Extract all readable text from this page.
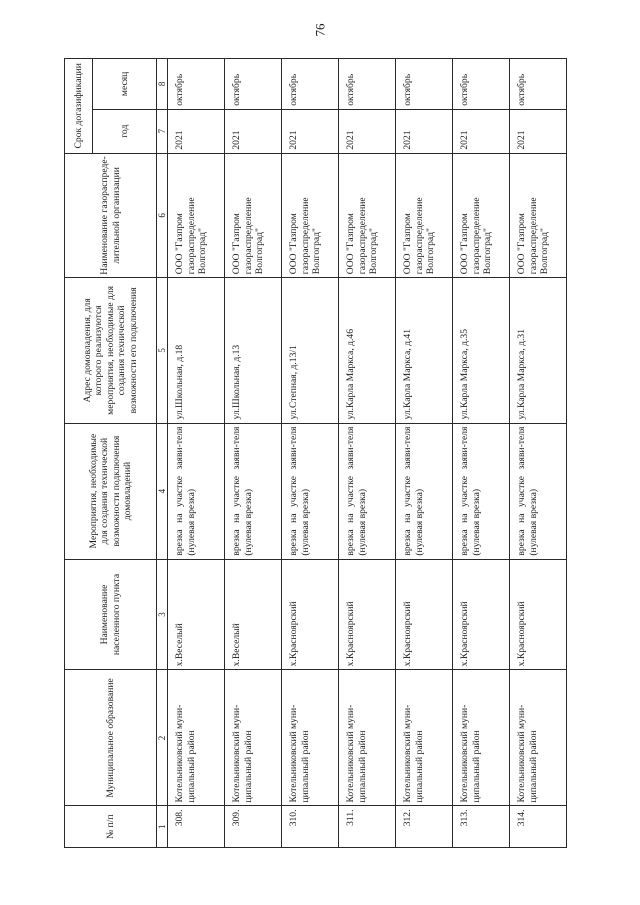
76
№ п/п	Муниципальное образование	Наименование населенного пункта	Мероприятия, необходимые для создания технической возможности подключения домовладений	Адрес домовладения, для которого реализуются мероприятия, необходимые для создания технической возможности его подключения	Наименование газораспреде-лительной организации	Срок догазификации	
						год	месяц
1	2	3	4	5	6	7	8
308.	Котельниковский муни-ципальный район	х.Веселый	врезка на участке заяви-теля (нулевая врезка)	ул.Школьная, д.18	ООО "Газпром газораспределение Волгоград"	2021	октябрь
309.	Котельниковский муни-ципальный район	х.Веселый	врезка на участке заяви-теля (нулевая врезка)	ул.Школьная, д.13	ООО "Газпром газораспределение Волгоград"	2021	октябрь
310.	Котельниковский муни-ципальный район	х.Красноярский	врезка на участке заяви-теля (нулевая врезка)	ул.Степная, д.13/1	ООО "Газпром газораспределение Волгоград"	2021	октябрь
311.	Котельниковский муни-ципальный район	х.Красноярский	врезка на участке заяви-теля (нулевая врезка)	ул.Карла Маркса, д.46	ООО "Газпром газораспределение Волгоград"	2021	октябрь
312.	Котельниковский муни-ципальный район	х.Красноярский	врезка на участке заяви-теля (нулевая врезка)	ул.Карла Маркса, д.41	ООО "Газпром газораспределение Волгоград"	2021	октябрь
313.	Котельниковский муни-ципальный район	х.Красноярский	врезка на участке заяви-теля (нулевая врезка)	ул.Карла Маркса, д.35	ООО "Газпром газораспределение Волгоград"	2021	октябрь
314.	Котельниковский муни-ципальный район	х.Красноярский	врезка на участке заяви-теля (нулевая врезка)	ул.Карла Маркса, д.31	ООО "Газпром газораспределение Волгоград"	2021	октябрь
